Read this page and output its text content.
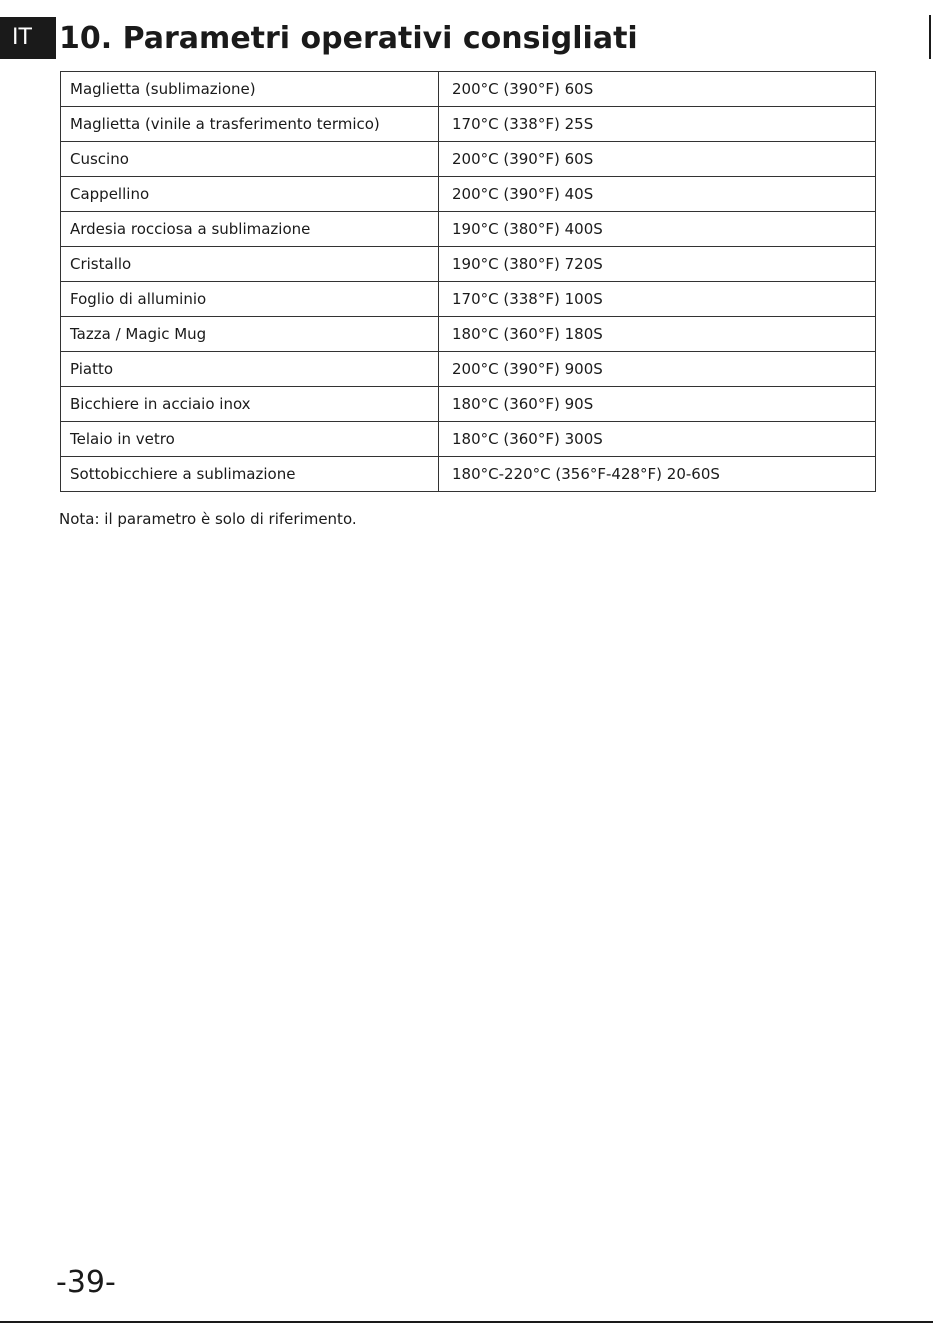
IT 10. Parametri operativi consigliati
Maglietta (sublimazione)	200°C (390°F) 60S
Maglietta (vinile a trasferimento termico)	170°C (338°F) 25S
Cuscino	200°C (390°F) 60S
Cappellino	200°C (390°F) 40S
Ardesia rocciosa a sublimazione	190°C (380°F) 400S
Cristallo	190°C (380°F) 720S
Foglio di alluminio	170°C (338°F) 100S
Tazza / Magic Mug	180°C (360°F) 180S
Piatto	200°C (390°F) 900S
Bicchiere in acciaio inox	180°C (360°F) 90S
Telaio in vetro	180°C (360°F) 300S
Sottobicchiere a sublimazione	180°C-220°C (356°F-428°F) 20-60S
Nota: il parametro è solo di riferimento.
-39-
